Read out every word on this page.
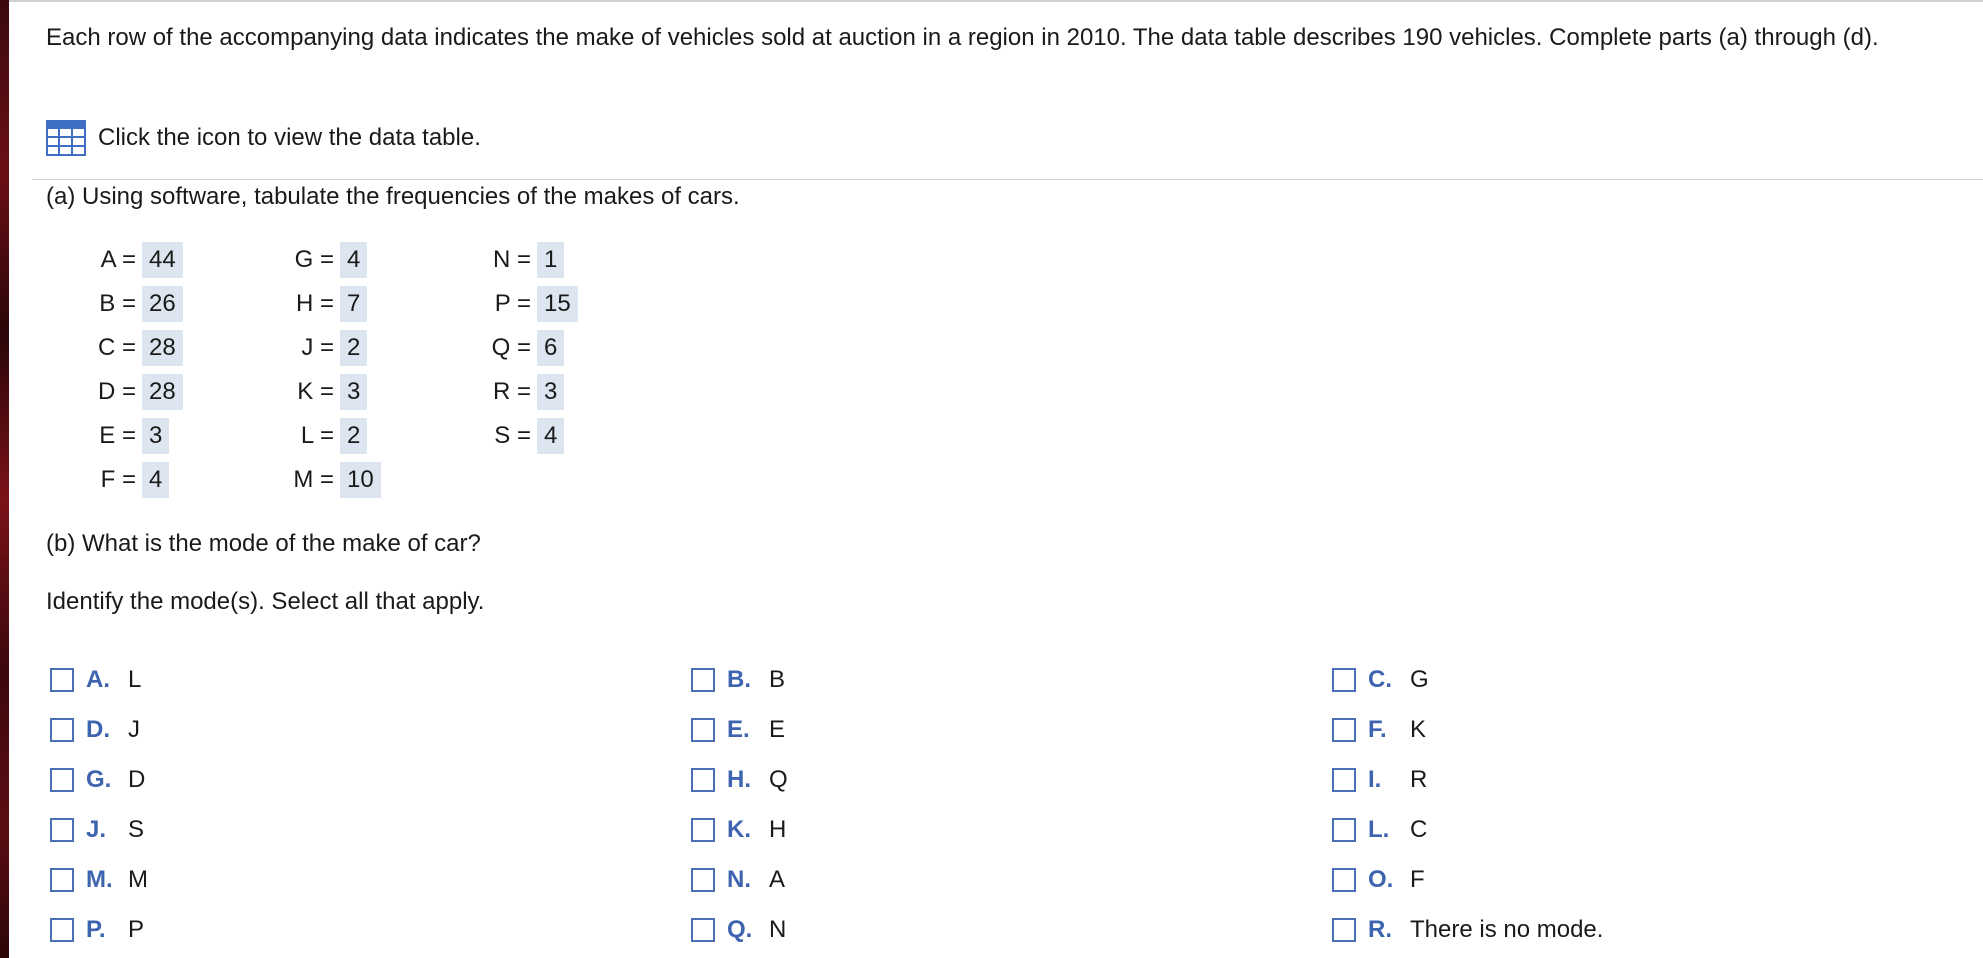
Each row of the accompanying data indicates the make of vehicles sold at auction in a region in 2010. The data table describes 190 vehicles. Complete parts (a) through (d).
Click the icon to view the data table.
(a) Using software, tabulate the frequencies of the makes of cars.
A = 44
B = 26
C = 28
D = 28
E = 3
F = 4
G = 4
H = 7
J = 2
K = 3
L = 2
M = 10
N = 1
P = 15
Q = 6
R = 3
S = 4
(b) What is the mode of the make of car?
Identify the mode(s). Select all that apply.
A. L
D. J
G. D
J. S
M. M
P. P
B. B
E. E
H. Q
K. H
N. A
Q. N
C. G
F. K
I.	R
L. C
O. F
R. There is no mode.
